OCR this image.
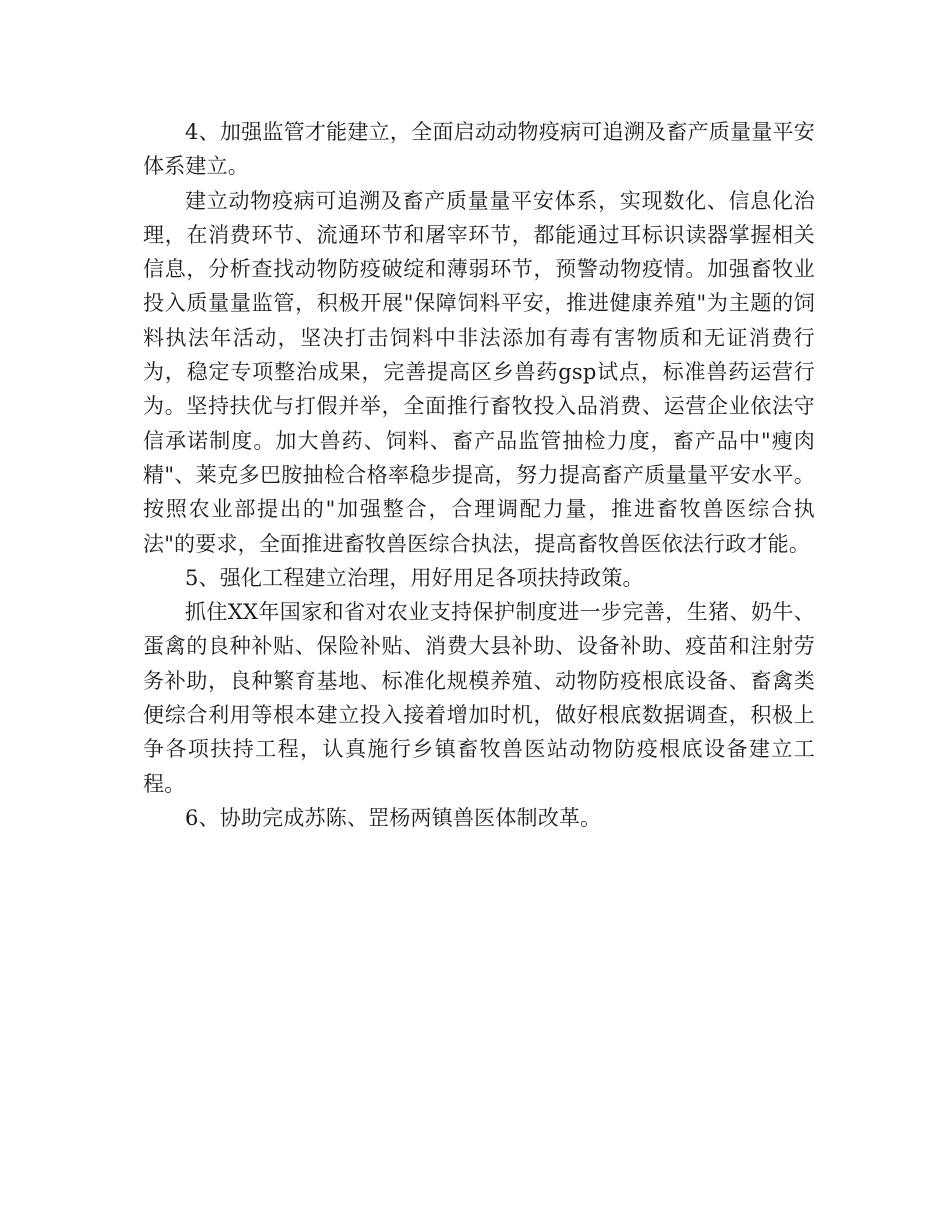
4、加强监管才能建立，全面启动动物疫病可追溯及畜产质量量平安体系建立。

建立动物疫病可追溯及畜产质量量平安体系，实现数化、信息化治理，在消费环节、流通环节和屠宰环节，都能通过耳标识读器掌握相关信息，分析查找动物防疫破绽和薄弱环节，预警动物疫情。加强畜牧业投入质量量监管，积极开展"保障饲料平安，推进健康养殖"为主题的饲料执法年活动，坚决打击饲料中非法添加有毒有害物质和无证消费行为，稳定专项整治成果，完善提高区乡兽药gsp试点，标准兽药运营行为。坚持扶优与打假并举，全面推行畜牧投入品消费、运营企业依法守信承诺制度。加大兽药、饲料、畜产品监管抽检力度，畜产品中"瘦肉精"、莱克多巴胺抽检合格率稳步提高，努力提高畜产质量量平安水平。按照农业部提出的"加强整合，合理调配力量，推进畜牧兽医综合执法"的要求，全面推进畜牧兽医综合执法，提高畜牧兽医依法行政才能。

5、强化工程建立治理，用好用足各项扶持政策。

抓住XX年国家和省对农业支持保护制度进一步完善，生猪、奶牛、蛋禽的良种补贴、保险补贴、消费大县补助、设备补助、疫苗和注射劳务补助，良种繁育基地、标准化规模养殖、动物防疫根底设备、畜禽类便综合利用等根本建立投入接着增加时机，做好根底数据调查，积极上争各项扶持工程，认真施行乡镇畜牧兽医站动物防疫根底设备建立工程。

6、协助完成苏陈、罡杨两镇兽医体制改革。
